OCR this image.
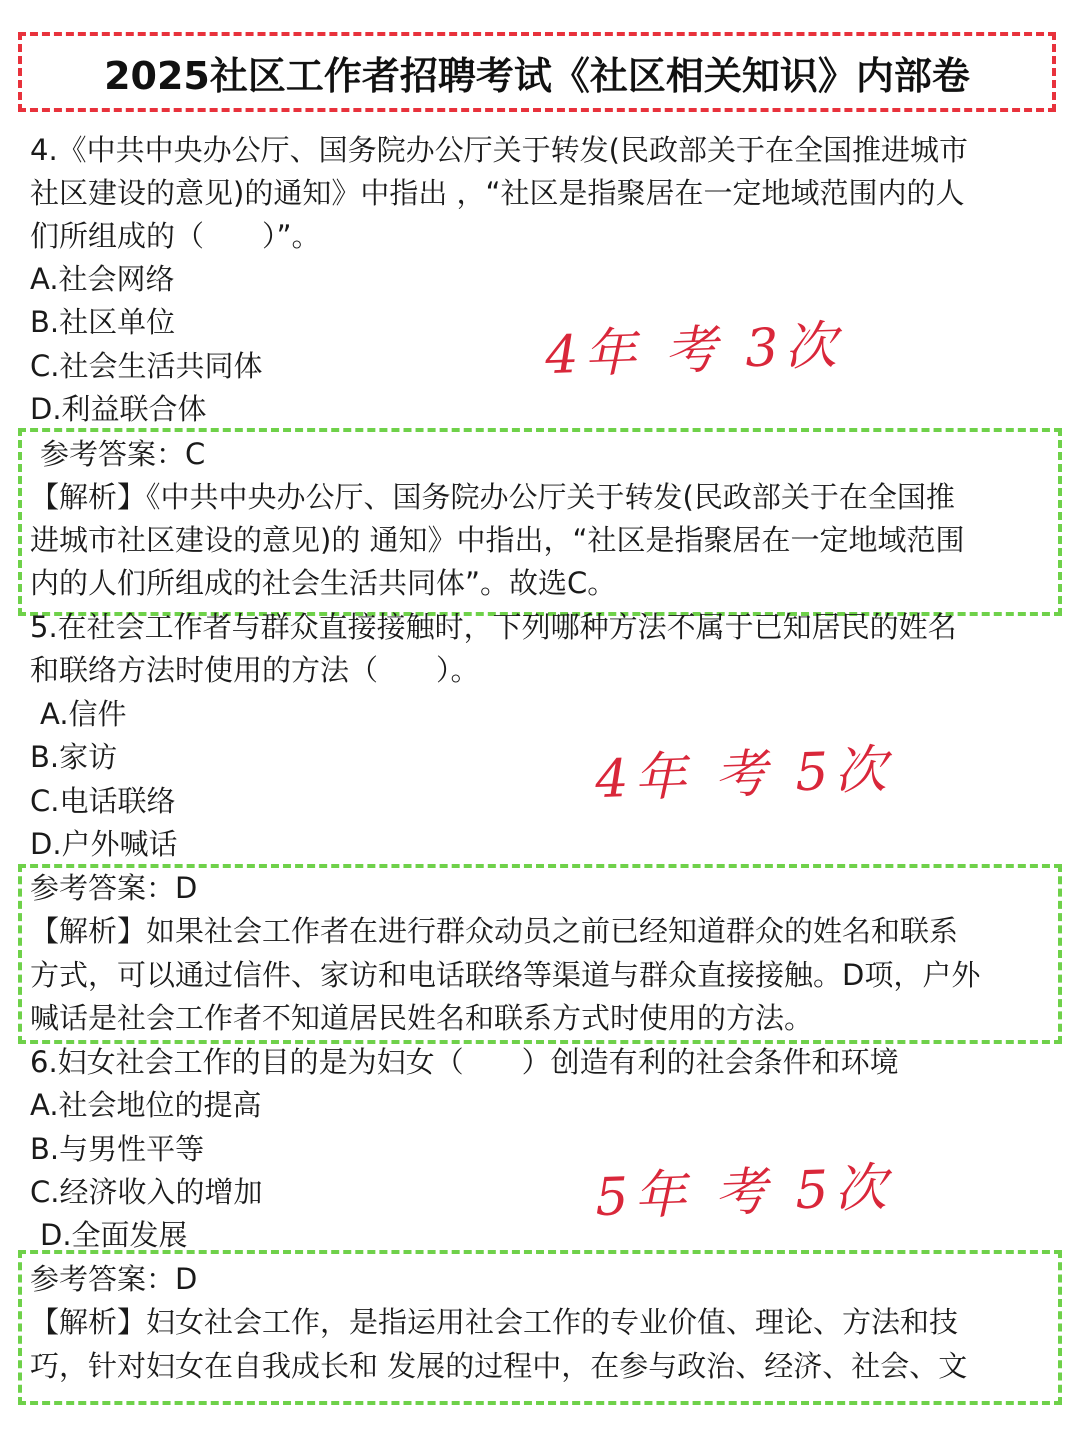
2025社区工作者招聘考试《社区相关知识》内部卷
4.《中共中央办公厅、国务院办公厅关于转发(民政部关于在全国推进城市
社区建设的意见)的通知》中指出 ，“社区是指聚居在一定地域范围内的人
们所组成的（　　）”。
A.社会网络
B.社区单位
C.社会生活共同体
D.利益联合体
4年 考 3次
参考答案：C
【解析】《中共中央办公厅、国务院办公厅关于转发(民政部关于在全国推
进城市社区建设的意见)的 通知》中指出，“社区是指聚居在一定地域范围
内的人们所组成的社会生活共同体”。故选C。
5.在社会工作者与群众直接接触时，下列哪种方法不属于已知居民的姓名
和联络方法时使用的方法（　　）。
A.信件
B.家访
C.电话联络
D.户外喊话
4年 考 5次
参考答案：D
【解析】如果社会工作者在进行群众动员之前已经知道群众的姓名和联系
方式，可以通过信件、家访和电话联络等渠道与群众直接接触。D项，户外
喊话是社会工作者不知道居民姓名和联系方式时使用的方法。
6.妇女社会工作的目的是为妇女（　　）创造有利的社会条件和环境
A.社会地位的提高
B.与男性平等
C.经济收入的增加
D.全面发展
5年 考 5次
参考答案：D
【解析】妇女社会工作，是指运用社会工作的专业价值、理论、方法和技
巧，针对妇女在自我成长和 发展的过程中，在参与政治、经济、社会、文
